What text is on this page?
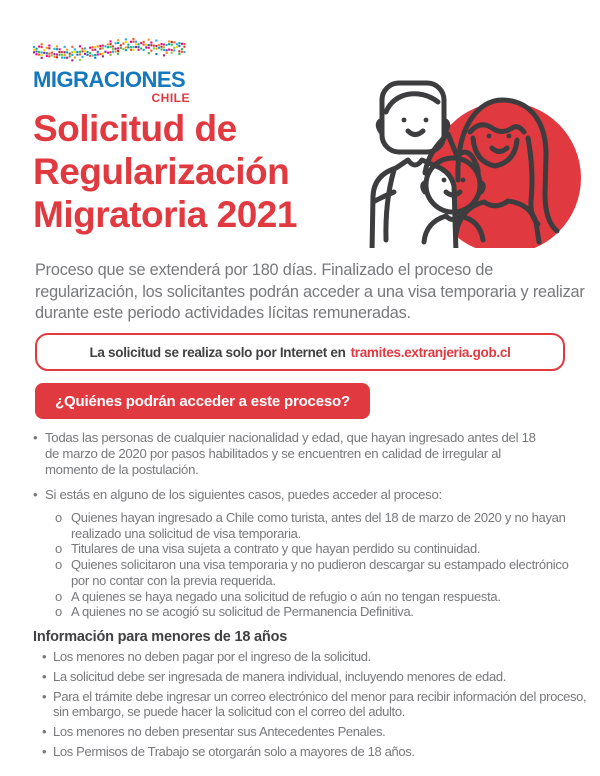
MIGRACIONES
CHILE
Solicitud de
Regularización
Migratoria 2021

Proceso que se extenderá por 180 días. Finalizado el proceso de regularización, los solicitantes podrán acceder a una visa temporaria y realizar durante este periodo actividades lícitas remuneradas.

La solicitud se realiza solo por Internet en tramites.extranjeria.gob.cl
¿Quiénes podrán acceder a este proceso?
• Todas las personas de cualquier nacionalidad y edad, que hayan ingresado antes del 18 de marzo de 2020 por pasos habilitados y se encuentren en calidad de irregular al momento de la postulación.
• Si estás en alguno de los siguientes casos, puedes acceder al proceso:
o Quienes hayan ingresado a Chile como turista, antes del 18 de marzo de 2020 y no hayan realizado una solicitud de visa temporaria.
o Titulares de una visa sujeta a contrato y que hayan perdido su continuidad.
o Quienes solicitaron una visa temporaria y no pudieron descargar su estampado electrónico por no contar con la previa requerida.
o A quienes se haya negado una solicitud de refugio o aún no tengan respuesta.
o A quienes no se acogió su solicitud de Permanencia Definitiva.
Información para menores de 18 años
• Los menores no deben pagar por el ingreso de la solicitud.
• La solicitud debe ser ingresada de manera individual, incluyendo menores de edad.
• Para el trámite debe ingresar un correo electrónico del menor para recibir información del proceso, sin embargo, se puede hacer la solicitud con el correo del adulto.
• Los menores no deben presentar sus Antecedentes Penales.
• Los Permisos de Trabajo se otorgarán solo a mayores de 18 años.
